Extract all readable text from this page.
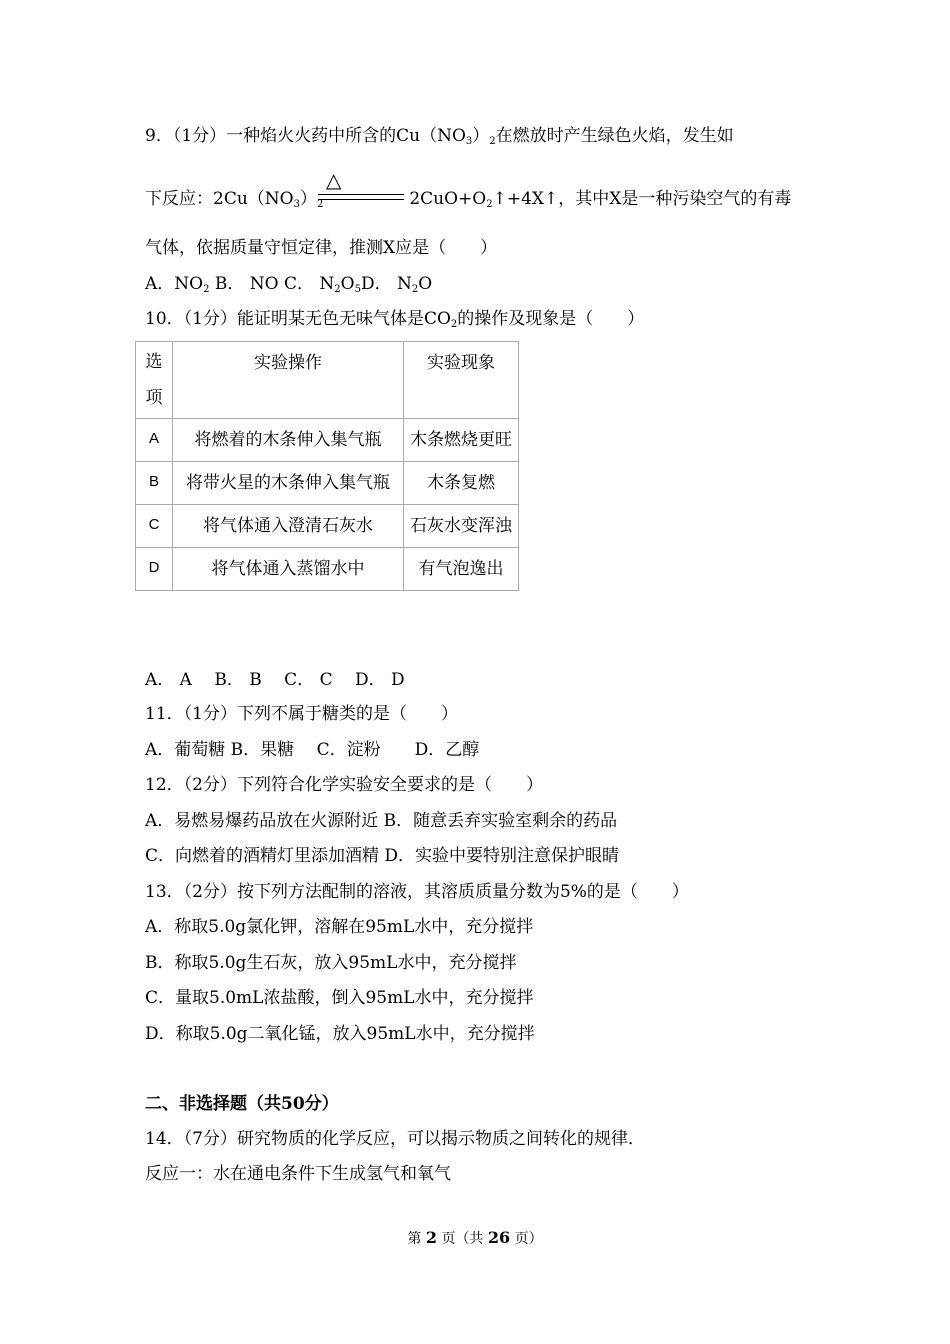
9．（1分）一种焰火火药中所含的$Cu(NO_3)_2$在燃放时产生绿色火焰，发生如
下反应：$2Cu(NO_3)_2$	$2CuO+O_2↑+4X↑$，其中X是一种污染空气的有毒
△
气体，依据质量守恒定律，推测X应是（　　）
A．$NO_2$ B． NO C． $N_2O_5D$． $N_2O$
10．（1分）能证明某无色无味气体是$CO_2$的操作及现象是（　　）
选项	实验操作	实验现象
A	将燃着的木条伸入集气瓶	木条燃烧更旺
B	将带火星的木条伸入集气瓶	木条复燃
C	将气体通入澄清石灰水	石灰水变浑浊
D	将气体通入蒸馏水中	有气泡逸出
A． A　 B． B　 C． C　 D． D
11．（1分）下列不属于糖类的是（　　）
A．葡萄糖 B．果糖　 C．淀粉　　D．乙醇
12．（2分）下列符合化学实验安全要求的是（　　）
A．易燃易爆药品放在火源附近 B．随意丢弃实验室剩余的药品
C．向燃着的酒精灯里添加酒精 D．实验中要特别注意保护眼睛
13．（2分）按下列方法配制的溶液，其溶质质量分数为5%的是（　　）
A．称取5.0g氯化钾，溶解在95mL水中，充分搅拌
B．称取5.0g生石灰，放入95mL水中，充分搅拌
C．量取5.0mL浓盐酸，倒入95mL水中，充分搅拌
D．称取5.0g二氧化锰，放入95mL水中，充分搅拌
二、非选择题（共50分）
14．（7分）研究物质的化学反应，可以揭示物质之间转化的规律．
反应一：水在通电条件下生成氢气和氧气
第 2 页（共 26 页）
